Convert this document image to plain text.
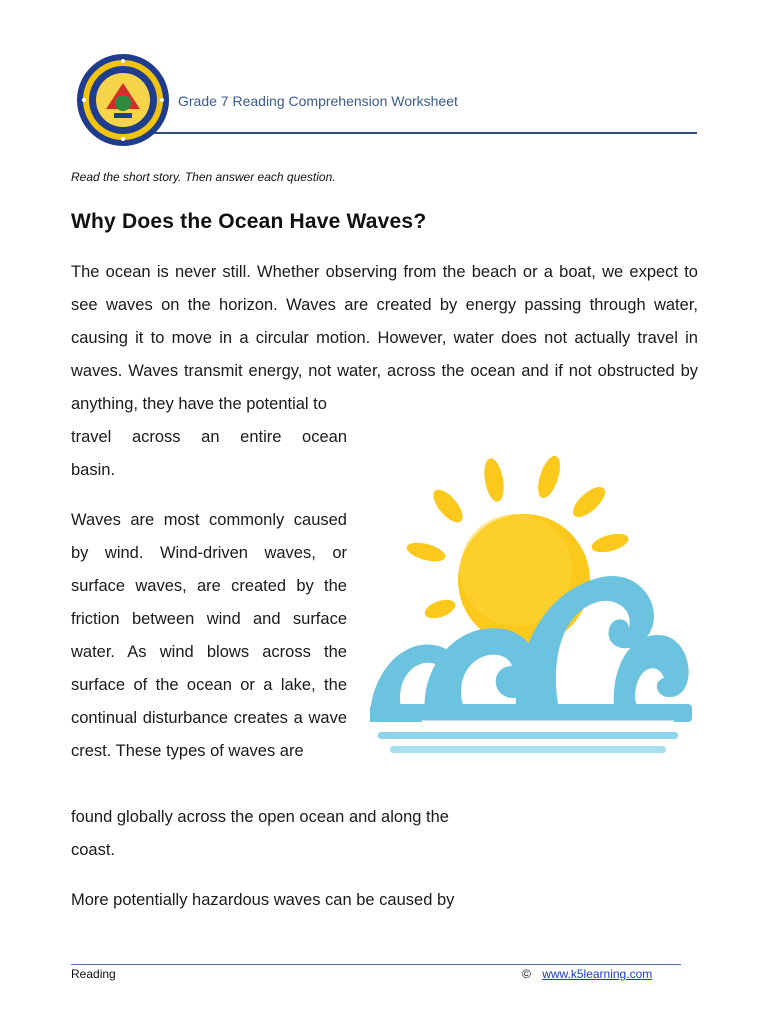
Grade 7 Reading Comprehension Worksheet
Read the short story. Then answer each question.
Why Does the Ocean Have Waves?
The ocean is never still. Whether observing from the beach or a boat, we expect to see waves on the horizon. Waves are created by energy passing through water, causing it to move in a circular motion. However, water does not actually travel in waves. Waves transmit energy, not water, across the ocean and if not obstructed by anything, they have the potential to
travel across an entire ocean
basin.
Waves are most commonly caused by wind. Wind-driven waves, or surface waves, are created by the friction between wind and surface water. As wind blows across the surface of the ocean or a lake, the continual disturbance creates a wave crest. These types of waves are
found globally across the open ocean and along the coast.
More potentially hazardous waves can be caused by
Reading	© www.k5learning.com
